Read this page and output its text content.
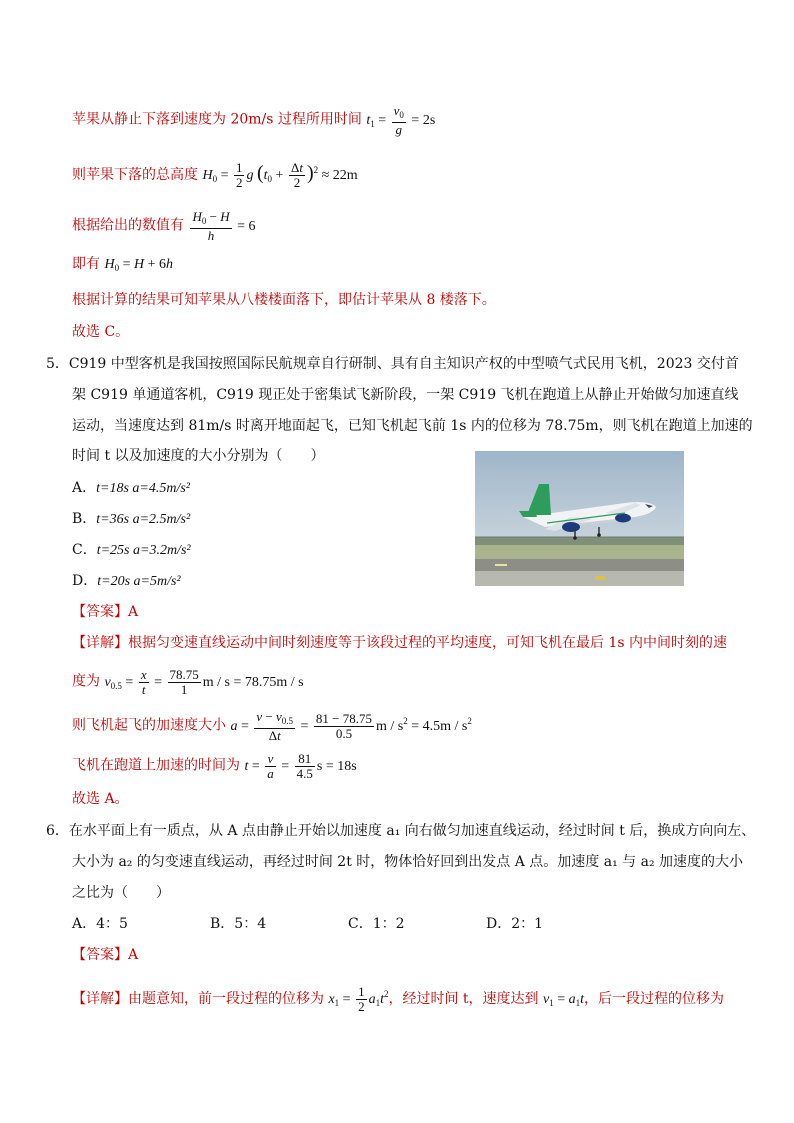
苹果从静止下落到速度为 20m/s 过程所用时间 $t_1 = \frac{v_0}{g} = 2s$
则苹果下落的总高度 $H_0 = \frac{1}{2}$ g $(t_0 + \frac{\Delta t}{2} )^2 \approx 22m$
根据给出的数值有 $\frac{H_0 - H}{h} = 6$
即有 $H_0 = H + 6h$
根据计算的结果可知苹果从八楼楼面落下，即估计苹果从 8 楼落下。
故选 C。
5．C919 中型客机是我国按照国际民航规章自行研制、具有自主知识产权的中型喷气式民用飞机，2023 交付首
架 C919 单通道客机，C919 现正处于密集试飞新阶段，一架 C919 飞机在跑道上从静止开始做匀加速直线
运动，当速度达到 81m/s 时离开地面起飞，已知飞机起飞前 1s 内的位移为 78.75m，则飞机在跑道上加速的
时间 t 以及加速度的大小分别为（　　）
A．t=18s a=4.5m/s²
B．t=36s a=2.5m/s²
C．t=25s a=3.2m/s²
D．t=20s a=5m/s²
【答案】A
【详解】根据匀变速直线运动中间时刻速度等于该段过程的平均速度，可知飞机在最后 1s 内中间时刻的速
度为 $v_{0.5} = \frac{x}{t} = \frac{78.75}{1}$ m / s = 78.75m / s
则飞机起飞的加速度大小 $a = \frac{v - v_{0.5}}{\Delta t} = \frac{81 - 78.75}{0.5}$ $m / s^2 = 4.5m / s^2$
飞机在跑道上加速的时间为 $t = \frac{v}{a} = \frac{81}{4.5}$ s = 18s
故选 A。
6．在水平面上有一质点，从 A 点由静止开始以加速度 a₁ 向右做匀加速直线运动，经过时间 t 后，换成方向向左、
大小为 a₂ 的匀变速直线运动，再经过时间 2t 时，物体恰好回到出发点 A 点。加速度 a₁ 与 a₂ 加速度的大小
之比为（　　）
A．4：5	B．5：4	C．1：2	D．2：1
【答案】A
【详解】由题意知，前一段过程的位移为 $x_1 = \frac{1}{2} a_1t^2$，经过时间 t，速度达到 $v_1 = a_1t$，后一段过程的位移为
